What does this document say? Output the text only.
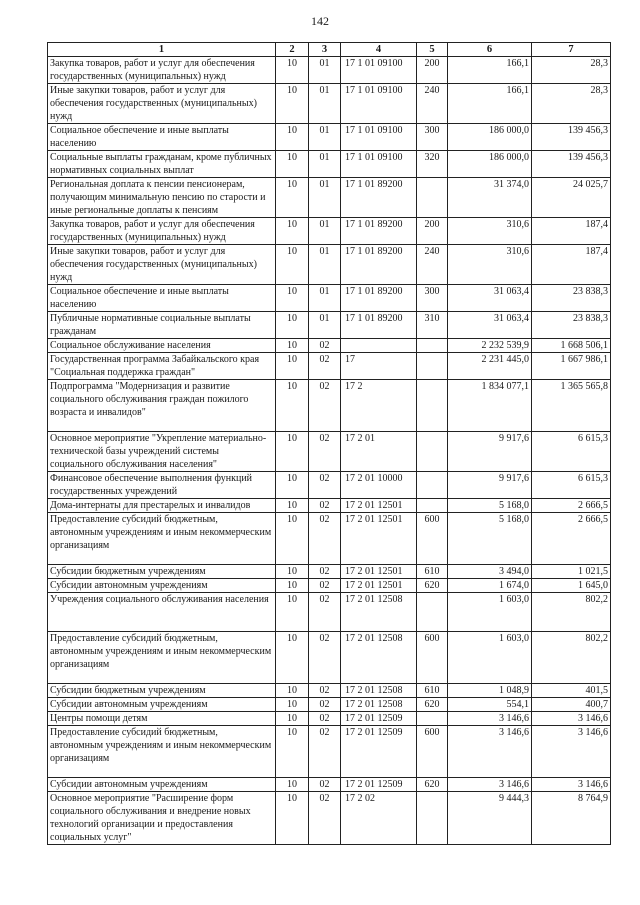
142
1	2	3	4	5	6	7
Закупка товаров, работ и услуг для обеспечения государственных (муниципальных) нужд	10	01	17 1 01 09100	200	166,1	28,3
Иные закупки товаров, работ и услуг для обеспечения государственных (муниципальных) нужд	10	01	17 1 01 09100	240	166,1	28,3
Социальное обеспечение и иные выплаты населению	10	01	17 1 01 09100	300	186 000,0	139 456,3
Социальные выплаты гражданам, кроме публичных нормативных социальных выплат	10	01	17 1 01 09100	320	186 000,0	139 456,3
Региональная доплата к пенсии пенсионерам, получающим минимальную пенсию по старости и иные региональные доплаты к пенсиям	10	01	17 1 01 89200		31 374,0	24 025,7
Закупка товаров, работ и услуг для обеспечения государственных (муниципальных) нужд	10	01	17 1 01 89200	200	310,6	187,4
Иные закупки товаров, работ и услуг для обеспечения государственных (муниципальных) нужд	10	01	17 1 01 89200	240	310,6	187,4
Социальное обеспечение и иные выплаты населению	10	01	17 1 01 89200	300	31 063,4	23 838,3
Публичные нормативные социальные выплаты гражданам	10	01	17 1 01 89200	310	31 063,4	23 838,3
Социальное обслуживание населения	10	02			2 232 539,9	1 668 506,1
Государственная программа Забайкальского края "Социальная поддержка граждан"	10	02	17		2 231 445,0	1 667 986,1
Подпрограмма "Модернизация и развитие социального обслуживания граждан пожилого возраста и инвалидов"	10	02	17 2		1 834 077,1	1 365 565,8
Основное мероприятие "Укрепление материально-технической базы учреждений системы социального обслуживания населения"	10	02	17 2 01		9 917,6	6 615,3
Финансовое обеспечение выполнения функций государственных учреждений	10	02	17 2 01 10000		9 917,6	6 615,3
Дома-интернаты для престарелых и инвалидов	10	02	17 2 01 12501		5 168,0	2 666,5
Предоставление субсидий бюджетным, автономным учреждениям и иным некоммерческим организациям	10	02	17 2 01 12501	600	5 168,0	2 666,5
Субсидии бюджетным учреждениям	10	02	17 2 01 12501	610	3 494,0	1 021,5
Субсидии автономным учреждениям	10	02	17 2 01 12501	620	1 674,0	1 645,0
Учреждения социального обслуживания населения	10	02	17 2 01 12508		1 603,0	802,2
Предоставление субсидий бюджетным, автономным учреждениям и иным некоммерческим организациям	10	02	17 2 01 12508	600	1 603,0	802,2
Субсидии бюджетным учреждениям	10	02	17 2 01 12508	610	1 048,9	401,5
Субсидии автономным учреждениям	10	02	17 2 01 12508	620	554,1	400,7
Центры помощи детям	10	02	17 2 01 12509		3 146,6	3 146,6
Предоставление субсидий бюджетным, автономным учреждениям и иным некоммерческим организациям	10	02	17 2 01 12509	600	3 146,6	3 146,6
Субсидии автономным учреждениям	10	02	17 2 01 12509	620	3 146,6	3 146,6
Основное мероприятие "Расширение форм социального обслуживания и внедрение новых технологий организации и предоставления социальных услуг"	10	02	17 2 02		9 444,3	8 764,9
